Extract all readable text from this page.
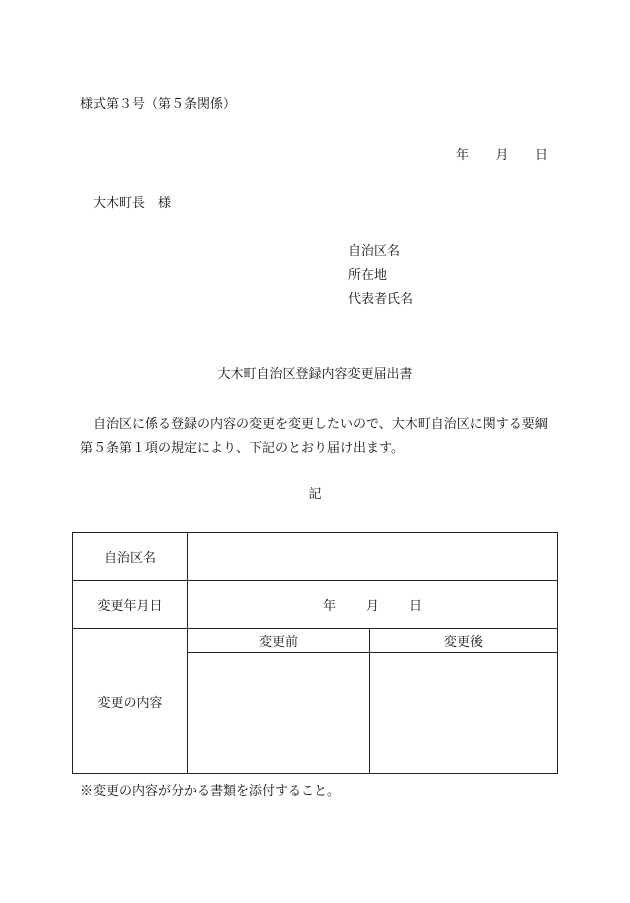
様式第３号（第５条関係）
年 月 日
大木町長　様
自治区名
所在地
代表者氏名
大木町自治区登録内容変更届出書
　自治区に係る登録の内容の変更を変更したいので、大木町自治区に関する要綱第５条第１項の規定により、下記のとおり届け出ます。
記
自治区名		
変更年月日	年 月 日	

変更の内容	変更前	変更後

※変更の内容が分かる書類を添付すること。
